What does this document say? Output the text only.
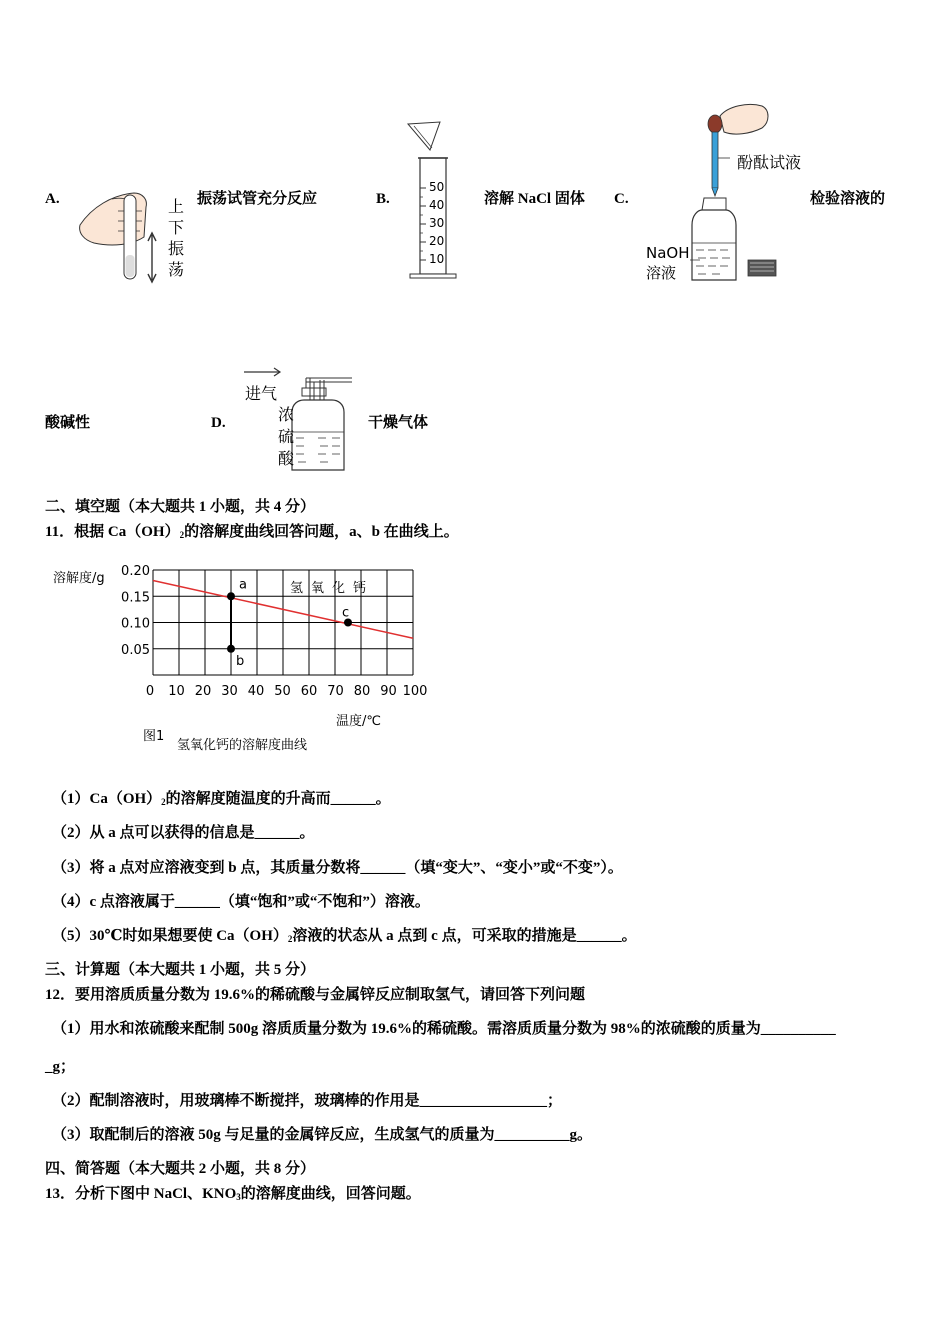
A.	上
下
振
荡
振荡试管充分反应	B.
50
40
30
20
10
溶解 NaCl 固体 C.
酚酞试液
NaOH
溶液
检验溶液的
酸碱性	D.
进气
浓
硫
酸
干燥气体
二、填空题（本大题共 1 小题，共 4 分）
11．根据 $Ca(OH)_2$的溶解度曲线回答问题，a、b 在曲线上。
0.20
0.15
0.10
0.05
0 10 20 30 40 50 60 70 80 90 100
溶解度/g
氢氧化钙
a
b
c
温度/℃
图1
氢氧化钙的溶解度曲线
$(1)Ca(OH)_2$的溶解度随温度的升高而______。
（2）从 a 点可以获得的信息是______。
（3）将 a 点对应溶液变到 b 点，其质量分数将______（填“变大”、“变小”或“不变”）。
（4）c 点溶液属于______（填“饱和”或“不饱和”）溶液。
（5）30℃时如果想要使 $Ca(OH)_2$溶液的状态从 a 点到 c 点，可采取的措施是______。
三、计算题（本大题共 1 小题，共 5 分）
12．要用溶质质量分数为 19.6%的稀硫酸与金属锌反应制取氢气，请回答下列问题
（1）用水和浓硫酸来配制 500g 溶质质量分数为 19.6%的稀硫酸。需溶质质量分数为 98%的浓硫酸的质量为__________
_g；
（2）配制溶液时，用玻璃棒不断搅拌，玻璃棒的作用是_________________；
（3）取配制后的溶液 50g 与足量的金属锌反应，生成氢气的质量为__________g。
四、简答题（本大题共 2 小题，共 8 分）
13．分析下图中 NaCl、$KNO_3$的溶解度曲线，回答问题。
